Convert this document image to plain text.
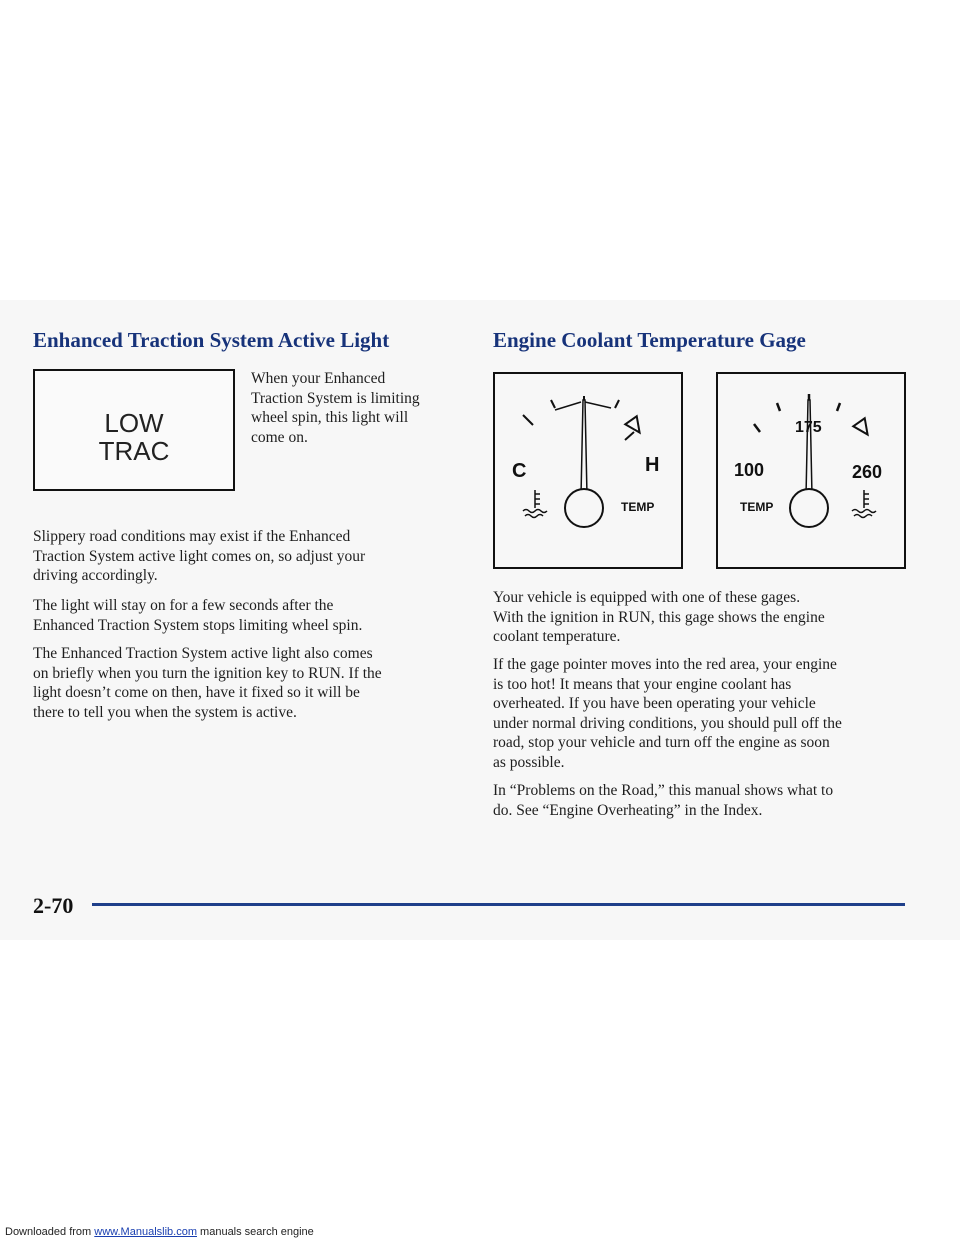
Enhanced Traction System Active Light
LOW
TRAC
When your Enhanced
Traction System is limiting
wheel spin, this light will
come on.
Slippery road conditions may exist if the Enhanced
Traction System active light comes on, so adjust your
driving accordingly.
The light will stay on for a few seconds after the
Enhanced Traction System stops limiting wheel spin.
The Enhanced Traction System active light also comes
on briefly when you turn the ignition key to RUN. If the
light doesn’t come on then, have it fixed so it will be
there to tell you when the system is active.
Engine Coolant Temperature Gage
C	H
TEMP
100
175
260
TEMP
Your vehicle is equipped with one of these gages.
With the ignition in RUN, this gage shows the engine
coolant temperature.
If the gage pointer moves into the red area, your engine
is too hot! It means that your engine coolant has
overheated. If you have been operating your vehicle
under normal driving conditions, you should pull off the
road, stop your vehicle and turn off the engine as soon
as possible.
In “Problems on the Road,” this manual shows what to
do. See “Engine Overheating” in the Index.

2-70

Downloaded from www.Manualslib.com manuals search engine
